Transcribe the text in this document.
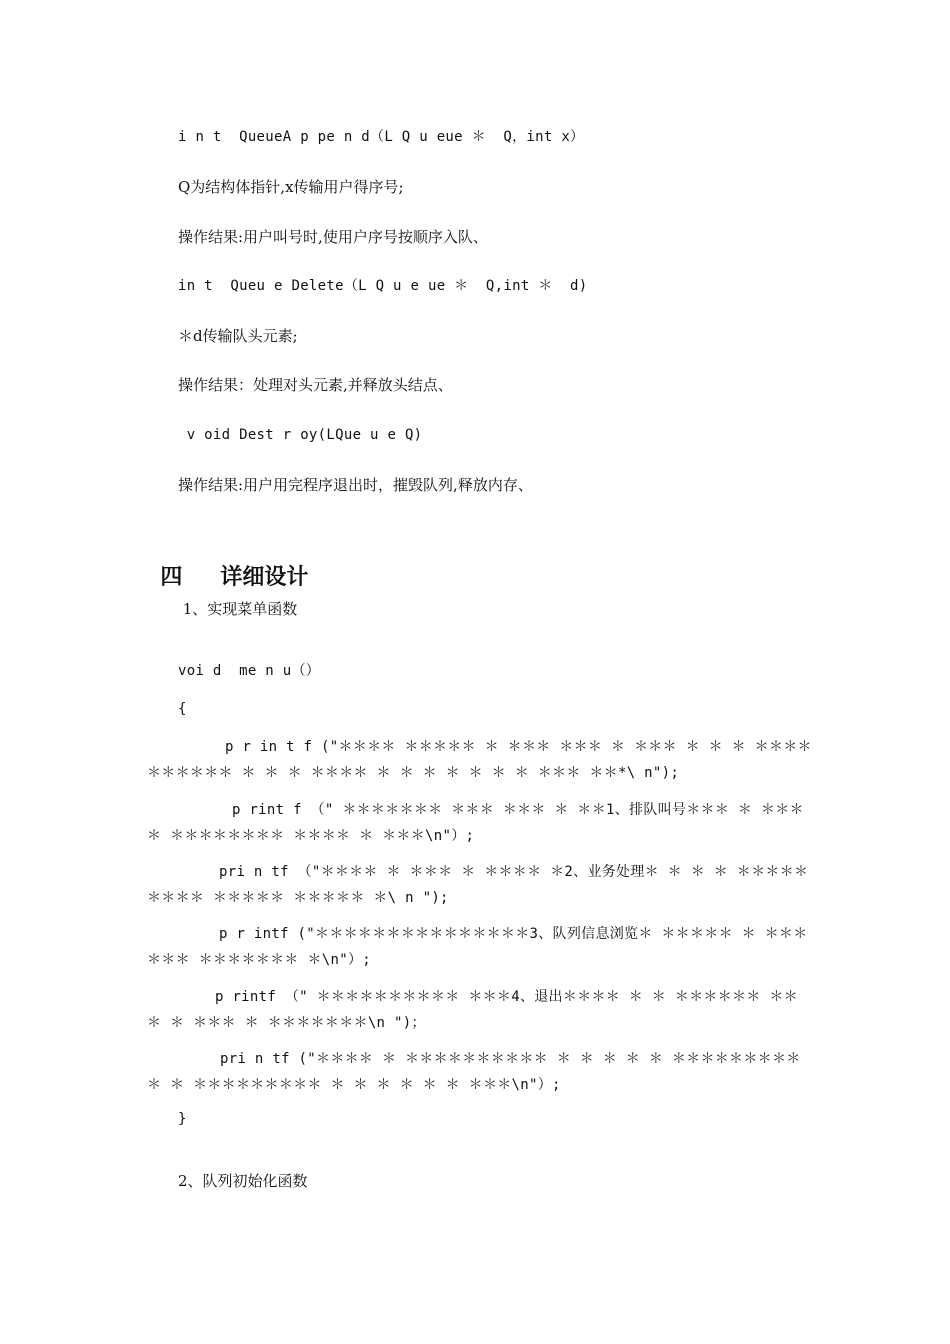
i n t  QueueA p pe n d（L Q u eue ＊  Q，int x）
Q为结构体指针,x传输用户得序号;
操作结果:用户叫号时,使用户序号按顺序入队、
in t  Queu e Delete（L Q u e ue ＊  Q,int ＊  d)
＊d传输队头元素;
操作结果：处理对头元素,并释放头结点、
v oid Dest r oy(LQue u e Q)
操作结果:用户用完程序退出时，摧毁队列,释放内存、

四 详细设计

1、实现菜单函数
voi d  me n u（）
{
p r in t f ("＊＊＊＊ ＊＊＊＊＊ ＊ ＊＊＊ ＊＊＊ ＊ ＊＊＊ ＊ ＊ ＊ ＊＊＊＊ ＊＊＊＊＊＊ ＊ ＊ ＊ ＊＊＊＊ ＊ ＊ ＊ ＊ ＊ ＊ ＊ ＊＊＊ ＊＊*\ n");
p rint f （" ＊＊＊＊＊＊＊ ＊＊＊ ＊＊＊ ＊ ＊＊1、排队叫号＊＊＊ ＊ ＊＊＊＊ ＊＊＊＊＊＊＊＊ ＊＊＊＊ ＊ ＊＊＊\n"）;
pri n tf （"＊＊＊＊ ＊ ＊＊＊ ＊ ＊＊＊＊ ＊2、业务处理＊ ＊ ＊ ＊ ＊＊＊＊＊＊＊＊＊ ＊＊＊＊＊ ＊＊＊＊＊ ＊\ n ");
p r intf ("＊＊＊＊＊＊＊＊＊＊＊＊＊＊＊3、队列信息浏览＊ ＊＊＊＊＊ ＊ ＊＊＊ ＊＊＊ ＊＊＊＊＊＊＊ ＊\n"）;
p rintf （" ＊＊＊＊＊＊＊＊＊＊ ＊＊＊4、退出＊＊＊＊ ＊ ＊ ＊＊＊＊＊＊ ＊＊＊ ＊ ＊＊＊ ＊ ＊＊＊＊＊＊＊\n ")；
pri n tf ("＊＊＊＊ ＊ ＊＊＊＊＊＊＊＊＊＊ ＊ ＊ ＊ ＊ ＊ ＊＊＊＊＊＊＊＊＊＊ ＊ ＊＊＊＊＊＊＊＊＊ ＊ ＊ ＊ ＊ ＊ ＊ ＊＊＊\n"）;
}
2、队列初始化函数
